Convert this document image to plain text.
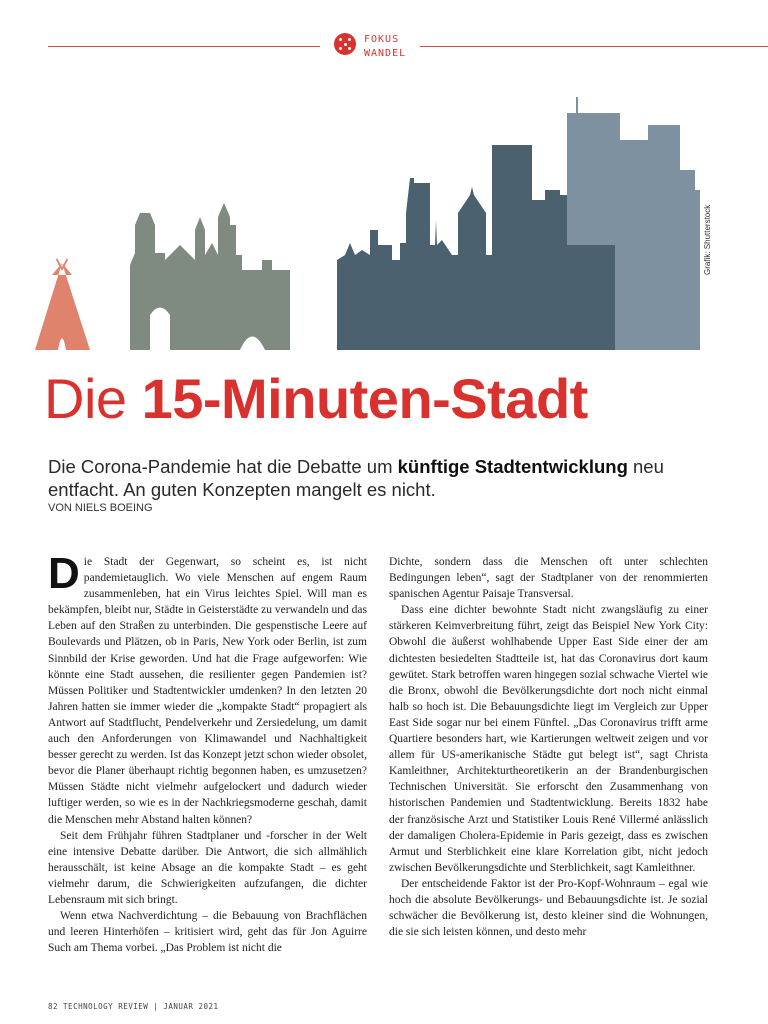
FOKUS
WANDEL
Grafik: Shutterstock
Die 15-Minuten-Stadt

Die Corona-Pandemie hat die Debatte um künftige Stadtentwicklung neu entfacht. An guten Konzepten mangelt es nicht.

VON NIELS BOEING

Die Stadt der Gegenwart, so scheint es, ist nicht pandemietauglich. Wo viele Menschen auf engem Raum zusammenleben, hat ein Virus leichtes Spiel. Will man es bekämpfen, bleibt nur, Städte in Geisterstädte zu verwandeln und das Leben auf den Straßen zu unterbinden. Die gespenstische Leere auf Boulevards und Plätzen, ob in Paris, New York oder Berlin, ist zum Sinnbild der Krise geworden. Und hat die Frage aufgeworfen: Wie könnte eine Stadt aussehen, die resilienter gegen Pandemien ist? Müssen Politiker und Stadtentwickler umdenken? In den letzten 20 Jahren hatten sie immer wieder die „kompakte Stadt“ propagiert als Antwort auf Stadtflucht, Pendelverkehr und Zersiedelung, um damit auch den Anforderungen von Klimawandel und Nachhaltigkeit besser gerecht zu werden. Ist das Konzept jetzt schon wieder obsolet, bevor die Planer überhaupt richtig begonnen haben, es umzusetzen? Müssen Städte nicht vielmehr aufgelockert und dadurch wieder luftiger werden, so wie es in der Nachkriegsmoderne geschah, damit die Menschen mehr Abstand halten können?

Seit dem Frühjahr führen Stadtplaner und -forscher in der Welt eine intensive Debatte darüber. Die Antwort, die sich allmählich herausschält, ist keine Absage an die kompakte Stadt – es geht vielmehr darum, die Schwierigkeiten aufzufangen, die dichter Lebensraum mit sich bringt.

Wenn etwa Nachverdichtung – die Bebauung von Brachflächen und leeren Hinterhöfen – kritisiert wird, geht das für Jon Aguirre Such am Thema vorbei. „Das Problem ist nicht die

Dichte, sondern dass die Menschen oft unter schlechten Bedingungen leben“, sagt der Stadtplaner von der renommierten spanischen Agentur Paisaje Transversal.

Dass eine dichter bewohnte Stadt nicht zwangsläufig zu einer stärkeren Keimverbreitung führt, zeigt das Beispiel New York City: Obwohl die äußerst wohlhabende Upper East Side einer der am dichtesten besiedelten Stadtteile ist, hat das Coronavirus dort kaum gewütet. Stark betroffen waren hingegen sozial schwache Viertel wie die Bronx, obwohl die Bevölkerungsdichte dort noch nicht einmal halb so hoch ist. Die Bebauungsdichte liegt im Vergleich zur Upper East Side sogar nur bei einem Fünftel. „Das Coronavirus trifft arme Quartiere besonders hart, wie Kartierungen weltweit zeigen und vor allem für US-amerikanische Städte gut belegt ist“, sagt Christa Kamleithner, Architekturtheoretikerin an der Brandenburgischen Technischen Universität. Sie erforscht den Zusammenhang von historischen Pandemien und Stadtentwicklung. Bereits 1832 habe der französische Arzt und Statistiker Louis René Villermé anlässlich der damaligen Cholera-Epidemie in Paris gezeigt, dass es zwischen Armut und Sterblichkeit eine klare Korrelation gibt, nicht jedoch zwischen Bevölkerungsdichte und Sterblichkeit, sagt Kamleithner.

Der entscheidende Faktor ist der Pro-Kopf-Wohnraum – egal wie hoch die absolute Bevölkerungs- und Bebauungsdichte ist. Je sozial schwächer die Bevölkerung ist, desto kleiner sind die Wohnungen, die sie sich leisten können, und desto mehr

82 TECHNOLOGY REVIEW | JANUAR 2021
